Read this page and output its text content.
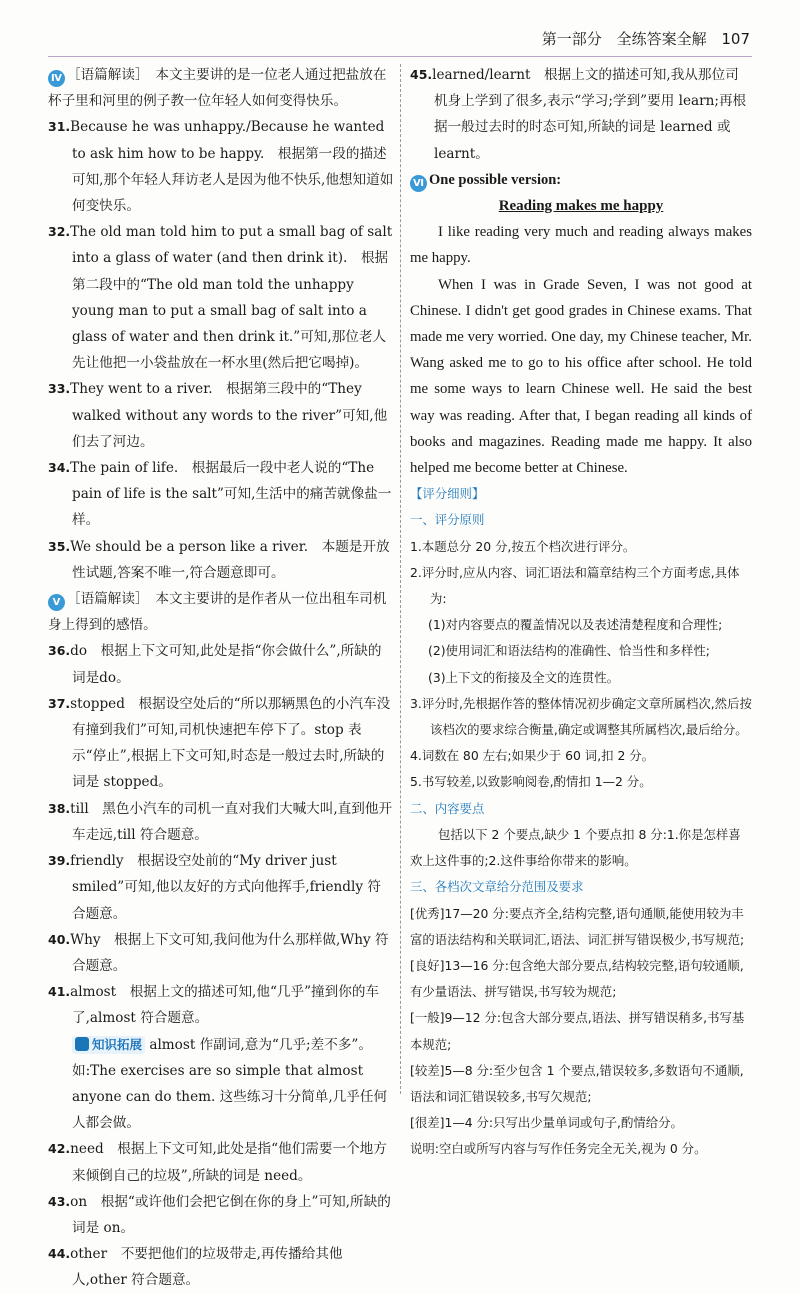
第一部分 全练答案全解 107

Ⅳ ［语篇解读］　本文主要讲的是一位老人通过把盐放在杯子里和河里的例子教一位年轻人如何变得快乐。

31.Because he was unhappy./Because he wanted to ask him how to be happy.　根据第一段的描述可知,那个年轻人拜访老人是因为他不快乐,他想知道如何变快乐。

32.The old man told him to put a small bag of salt into a glass of water (and then drink it).　根据第二段中的“The old man told the unhappy young man to put a small bag of salt into a glass of water and then drink it.”可知,那位老人先让他把一小袋盐放在一杯水里(然后把它喝掉)。

33.They went to a river.　根据第三段中的“They walked without any words to the river”可知,他们去了河边。

34.The pain of life.　根据最后一段中老人说的“The pain of life is the salt”可知,生活中的痛苦就像盐一样。

35.We should be a person like a river.　本题是开放性试题,答案不唯一,符合题意即可。

Ⅴ ［语篇解读］　本文主要讲的是作者从一位出租车司机身上得到的感悟。

36.do　根据上下文可知,此处是指“你会做什么”,所缺的词是do。

37.stopped　根据设空处后的“所以那辆黑色的小汽车没有撞到我们”可知,司机快速把车停下了。stop 表示“停止”,根据上下文可知,时态是一般过去时,所缺的词是 stopped。

38.till　黑色小汽车的司机一直对我们大喊大叫,直到他开车走远,till 符合题意。

39.friendly　根据设空处前的“My driver just smiled”可知,他以友好的方式向他挥手,friendly 符合题意。

40.Why　根据上下文可知,我问他为什么那样做,Why 符合题意。

41.almost　根据上文的描述可知,他“几乎”撞到你的车了,almost 符合题意。

知识拓展 almost 作副词,意为“几乎;差不多”。如:The exercises are so simple that almost anyone can do them. 这些练习十分简单,几乎任何人都会做。

42.need　根据上下文可知,此处是指“他们需要一个地方来倾倒自己的垃圾”,所缺的词是 need。

43.on　根据“或许他们会把它倒在你的身上”可知,所缺的词是 on。

44.other　不要把他们的垃圾带走,再传播给其他人,other 符合题意。

45.learned/learnt　根据上文的描述可知,我从那位司机身上学到了很多,表示“学习;学到”要用 learn;再根据一般过去时的时态可知,所缺的词是 learned 或 learnt。

Ⅵ One possible version:

Reading makes me happy

I like reading very much and reading always makes me happy.

When I was in Grade Seven, I was not good at Chinese. I didn't get good grades in Chinese exams. That made me very worried. One day, my Chinese teacher, Mr. Wang asked me to go to his office after school. He told me some ways to learn Chinese well. He said the best way was reading. After that, I began reading all kinds of books and magazines. Reading made me happy. It also helped me become better at Chinese.

【评分细则】

一、评分原则

1.本题总分 20 分,按五个档次进行评分。

2.评分时,应从内容、词汇语法和篇章结构三个方面考虑,具体为:

(1)对内容要点的覆盖情况以及表述清楚程度和合理性;

(2)使用词汇和语法结构的准确性、恰当性和多样性;

(3)上下文的衔接及全文的连贯性。

3.评分时,先根据作答的整体情况初步确定文章所属档次,然后按该档次的要求综合衡量,确定或调整其所属档次,最后给分。

4.词数在 80 左右;如果少于 60 词,扣 2 分。

5.书写较差,以致影响阅卷,酌情扣 1—2 分。

二、内容要点

包括以下 2 个要点,缺少 1 个要点扣 8 分:1.你是怎样喜欢上这件事的;2.这件事给你带来的影响。

三、各档次文章给分范围及要求

[优秀]17—20 分:要点齐全,结构完整,语句通顺,能使用较为丰富的语法结构和关联词汇,语法、词汇拼写错误极少,书写规范;

[良好]13—16 分:包含绝大部分要点,结构较完整,语句较通顺,有少量语法、拼写错误,书写较为规范;

[一般]9—12 分:包含大部分要点,语法、拼写错误稍多,书写基本规范;

[较差]5—8 分:至少包含 1 个要点,错误较多,多数语句不通顺,语法和词汇错误较多,书写欠规范;

[很差]1—4 分:只写出少量单词或句子,酌情给分。

说明:空白或所写内容与写作任务完全无关,视为 0 分。
